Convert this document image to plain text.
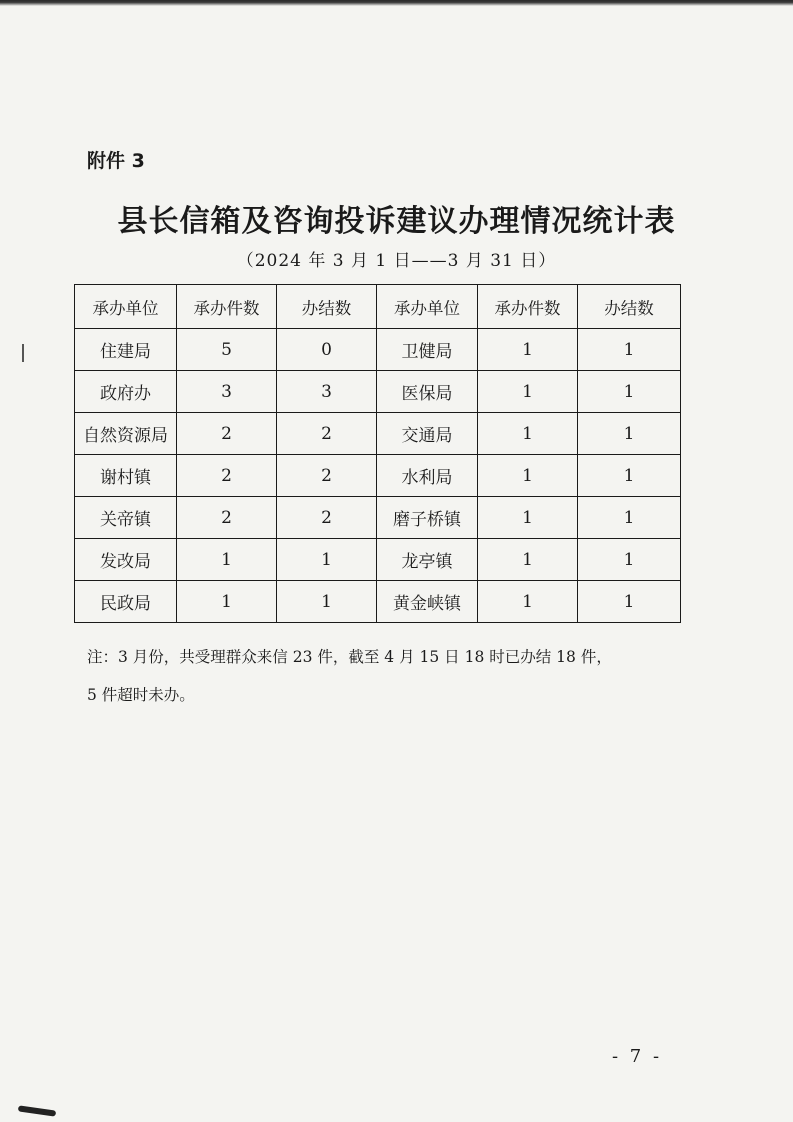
附件 3
县长信箱及咨询投诉建议办理情况统计表
（2024 年 3 月 1 日——3 月 31 日）
承办单位	承办件数	办结数	承办单位	承办件数	办结数
住建局	5	0	卫健局	1	1
政府办	3	3	医保局	1	1
自然资源局	2	2	交通局	1	1
谢村镇	2	2	水利局	1	1
关帝镇	2	2	磨子桥镇	1	1
发改局	1	1	龙亭镇	1	1
民政局	1	1	黄金峡镇	1	1
注：3 月份，共受理群众来信 23 件，截至 4 月 15 日 18 时已办结 18 件，
5 件超时未办。
- 7 -
